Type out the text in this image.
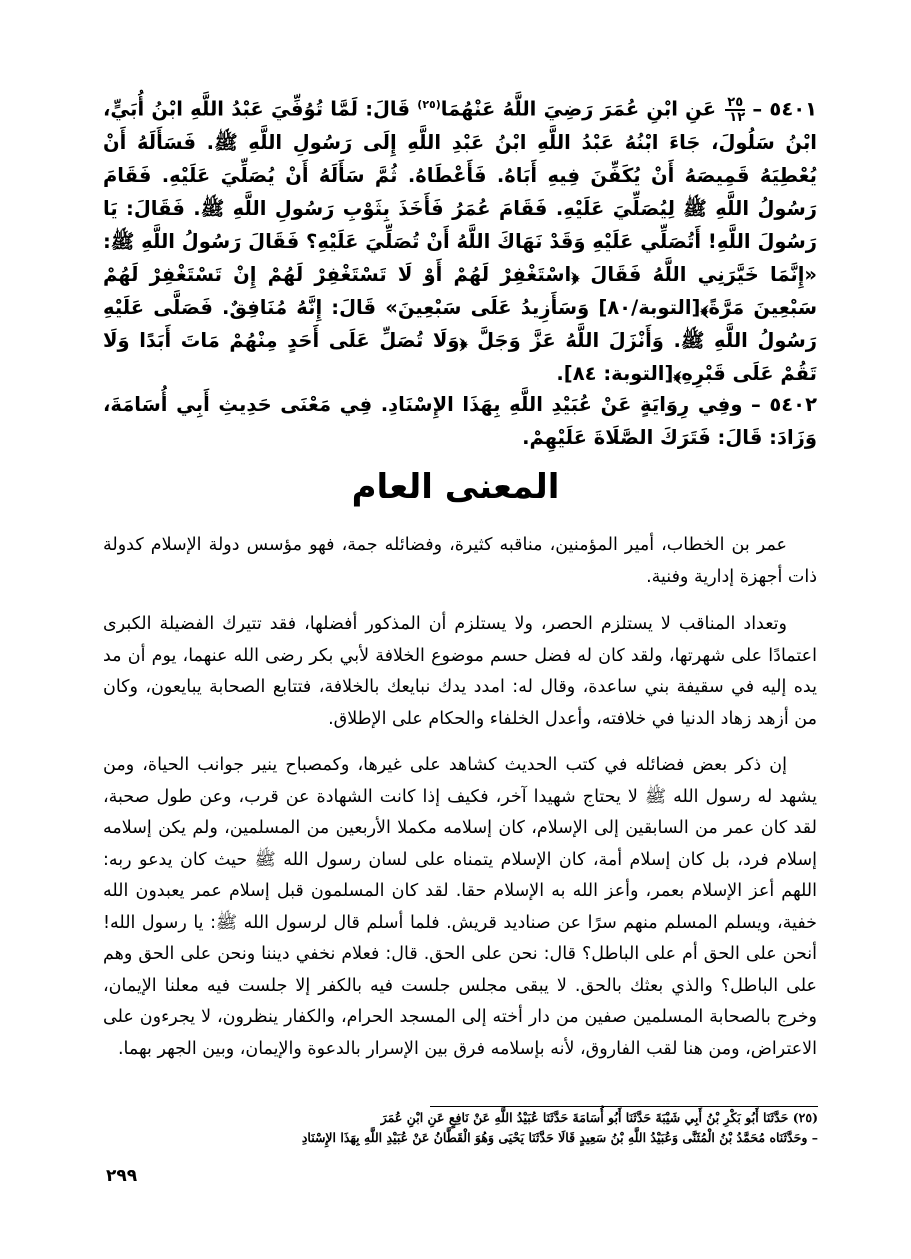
٥٤٠١ –
$\frac{٢٥}{١٢}$
عَنِ ابْنِ عُمَرَ رَضِيَ اللَّهُ عَنْهُمَا$^{(٢٥)}$ قَالَ: لَمَّا تُوُفِّيَ عَبْدُ اللَّهِ ابْنُ أُبَيٍّ، ابْنُ سَلُولَ، جَاءَ ابْنُهُ عَبْدُ اللَّهِ ابْنُ عَبْدِ اللَّهِ إِلَى رَسُولِ اللَّهِ ﷺ. فَسَأَلَهُ أَنْ يُعْطِيَهُ قَمِيصَهُ أَنْ يُكَفِّنَ فِيهِ أَبَاهُ. فَأَعْطَاهُ. ثُمَّ سَأَلَهُ أَنْ يُصَلِّيَ عَلَيْهِ. فَقَامَ رَسُولُ اللَّهِ ﷺ لِيُصَلِّيَ عَلَيْهِ. فَقَامَ عُمَرُ فَأَخَذَ بِثَوْبِ رَسُولِ اللَّهِ ﷺ. فَقَالَ: يَا رَسُولَ اللَّهِ! أَتُصَلِّي عَلَيْهِ وَقَدْ نَهَاكَ اللَّهُ أَنْ تُصَلِّيَ عَلَيْهِ؟ فَقَالَ رَسُولُ اللَّهِ ﷺ: «إِنَّمَا خَيَّرَنِي اللَّهُ فَقَالَ ﴿اسْتَغْفِرْ لَهُمْ أَوْ لَا تَسْتَغْفِرْ لَهُمْ إِنْ تَسْتَغْفِرْ لَهُمْ سَبْعِينَ مَرَّةً﴾[التوبة/٨٠] وَسَأَزِيدُ عَلَى سَبْعِينَ» قَالَ: إِنَّهُ مُنَافِقٌ. فَصَلَّى عَلَيْهِ رَسُولُ اللَّهِ ﷺ. وَأَنْزَلَ اللَّهُ عَزَّ وَجَلَّ ﴿وَلَا تُصَلِّ عَلَى أَحَدٍ مِنْهُمْ مَاتَ أَبَدًا وَلَا تَقُمْ عَلَى قَبْرِهِ﴾[التوبة: ٨٤].
٥٤٠٢ – وفِي رِوَايَةٍ عَنْ عُبَيْدِ اللَّهِ بِهَذَا الإِسْنَادِ. فِي مَعْنَى حَدِيثِ أَبِي أُسَامَةَ، وَزَادَ: قَالَ: فَتَرَكَ الصَّلَاةَ عَلَيْهِمْ.
المعنى العام

عمر بن الخطاب، أمير المؤمنين، مناقبه كثيرة، وفضائله جمة، فهو مؤسس دولة الإسلام كدولة ذات أجهزة إدارية وفنية.

وتعداد المناقب لا يستلزم الحصر، ولا يستلزم أن المذكور أفضلها، فقد تتيرك الفضيلة الكبرى اعتمادًا على شهرتها، ولقد كان له فضل حسم موضوع الخلافة لأبي بكر رضى الله عنهما، يوم أن مد يده إليه في سقيفة بني ساعدة، وقال له: امدد يدك نبايعك بالخلافة، فتتابع الصحابة يبايعون، وكان من أزهد زهاد الدنيا في خلافته، وأعدل الخلفاء والحكام على الإطلاق.

إن ذكر بعض فضائله في كتب الحديث كشاهد على غيرها، وكمصباح ينير جوانب الحياة، ومن يشهد له رسول الله ﷺ لا يحتاج شهيدا آخر، فكيف إذا كانت الشهادة عن قرب، وعن طول صحبة، لقد كان عمر من السابقين إلى الإسلام، كان إسلامه مكملا الأربعين من المسلمين، ولم يكن إسلامه إسلام فرد، بل كان إسلام أمة، كان الإسلام يتمناه على لسان رسول الله ﷺ حيث كان يدعو ربه: اللهم أعز الإسلام بعمر، وأعز الله به الإسلام حقا. لقد كان المسلمون قبل إسلام عمر يعبدون الله خفية، ويسلم المسلم منهم سرًا عن صناديد قريش. فلما أسلم قال لرسول الله ﷺ: يا رسول الله! أنحن على الحق أم على الباطل؟ قال: نحن على الحق. قال: فعلام نخفي ديننا ونحن على الحق وهم على الباطل؟ والذي بعثك بالحق. لا يبقى مجلس جلست فيه بالكفر إلا جلست فيه معلنا الإيمان، وخرج بالصحابة المسلمين صفين من دار أخته إلى المسجد الحرام، والكفار ينظرون، لا يجرءون على الاعتراض، ومن هنا لقب الفاروق، لأنه بإسلامه فرق بين الإسرار بالدعوة والإيمان، وبين الجهر بهما.

(٢٥) حَدَّثَنَا أَبُو بَكْرِ بْنُ أَبِي شَيْبَةَ حَدَّثَنَا أَبُو أُسَامَةَ حَدَّثَنَا عُبَيْدُ اللَّهِ عَنْ نَافِعٍ عَنِ ابْنِ عُمَرَ
– وحَدَّثَنَاه مُحَمَّدُ بْنُ الْمُثَنَّى وَعُبَيْدُ اللَّهِ بْنُ سَعِيدٍ قَالَا حَدَّثَنَا يَحْيَى وَهُوَ الْقَطَّانُ عَنْ عُبَيْدِ اللَّهِ بِهَذَا الإِسْنَادِ
٢٩٩
